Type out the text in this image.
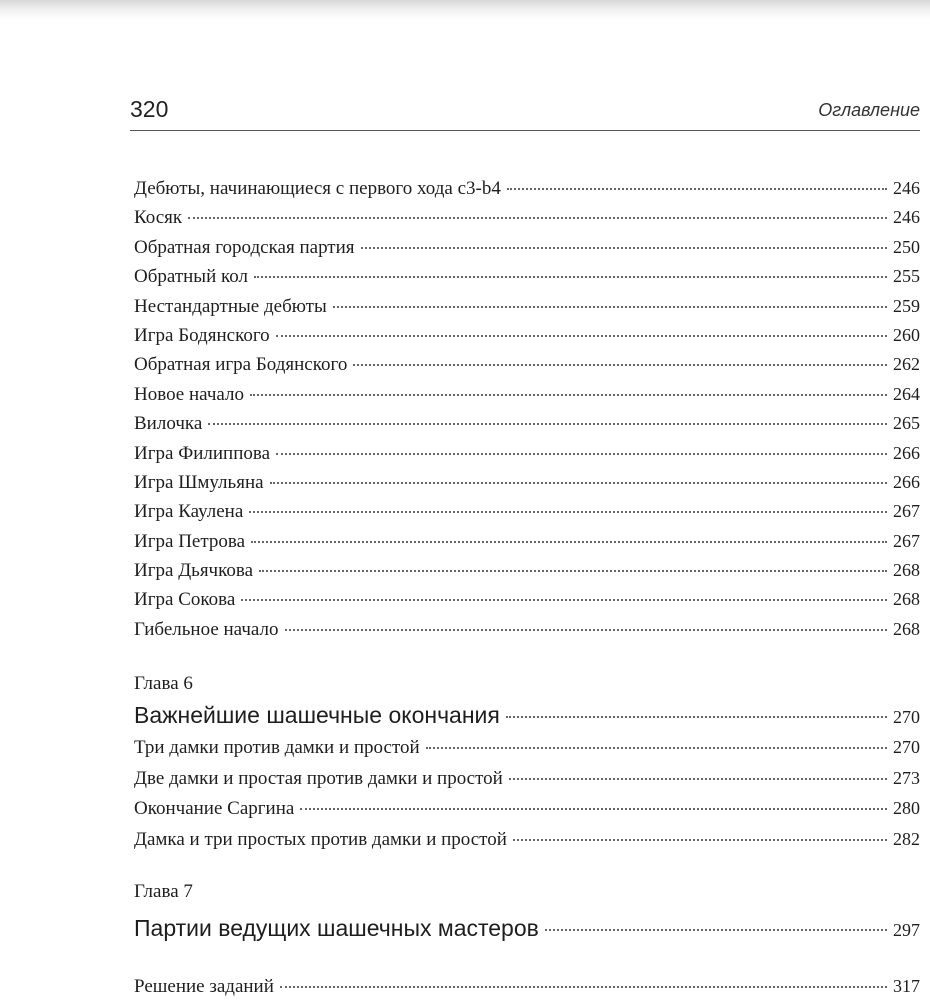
320	Оглавление
Дебюты, начинающиеся с первого хода c3-b4	246
Косяк	246
Обратная городская партия	250
Обратный кол	255
Нестандартные дебюты	259
Игра Бодянского	260
Обратная игра Бодянского	262
Новое начало	264
Вилочка	265
Игра Филиппова	266
Игра Шмульяна	266
Игра Каулена	267
Игра Петрова	267
Игра Дьячкова	268
Игра Сокова	268
Гибельное начало	268
Глава 6
Важнейшие шашечные окончания	270
Три дамки против дамки и простой	270
Две дамки и простая против дамки и простой	273
Окончание Саргина	280
Дамка и три простых против дамки и простой	282
Глава 7
Партии ведущих шашечных мастеров	297
Решение заданий	317
